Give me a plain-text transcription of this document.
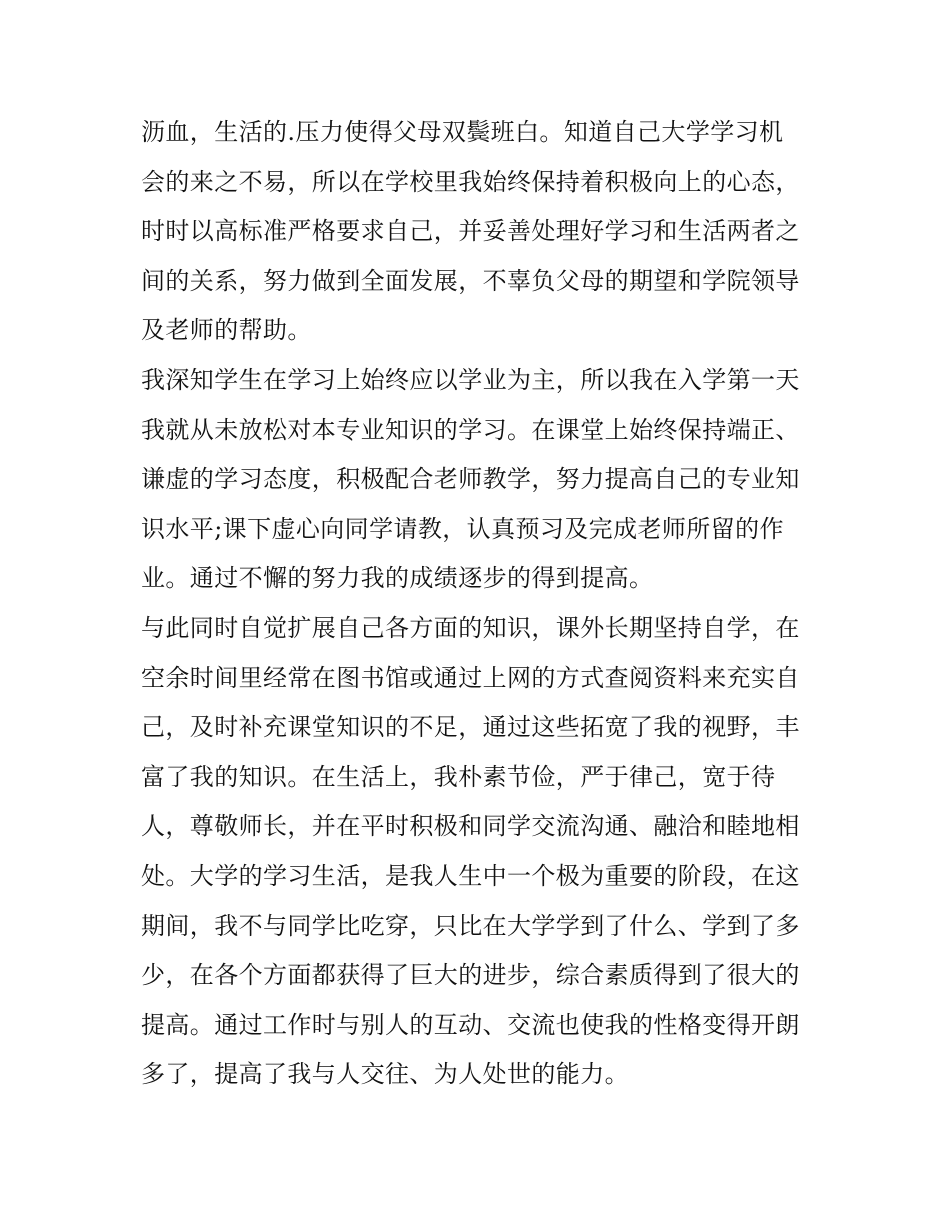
沥血，生活的.压力使得父母双鬓班白。知道自己大学学习机
会的来之不易，所以在学校里我始终保持着积极向上的心态，
时时以高标准严格要求自己，并妥善处理好学习和生活两者之
间的关系，努力做到全面发展，不辜负父母的期望和学院领导
及老师的帮助。
我深知学生在学习上始终应以学业为主，所以我在入学第一天
我就从未放松对本专业知识的学习。在课堂上始终保持端正、
谦虚的学习态度，积极配合老师教学，努力提高自己的专业知
识水平;课下虚心向同学请教，认真预习及完成老师所留的作
业。通过不懈的努力我的成绩逐步的得到提高。
与此同时自觉扩展自己各方面的知识，课外长期坚持自学，在
空余时间里经常在图书馆或通过上网的方式查阅资料来充实自
己，及时补充课堂知识的不足，通过这些拓宽了我的视野，丰
富了我的知识。在生活上，我朴素节俭，严于律己，宽于待
人，尊敬师长，并在平时积极和同学交流沟通、融洽和睦地相
处。大学的学习生活，是我人生中一个极为重要的阶段，在这
期间，我不与同学比吃穿，只比在大学学到了什么、学到了多
少，在各个方面都获得了巨大的进步，综合素质得到了很大的
提高。通过工作时与别人的互动、交流也使我的性格变得开朗
多了，提高了我与人交往、为人处世的能力。
